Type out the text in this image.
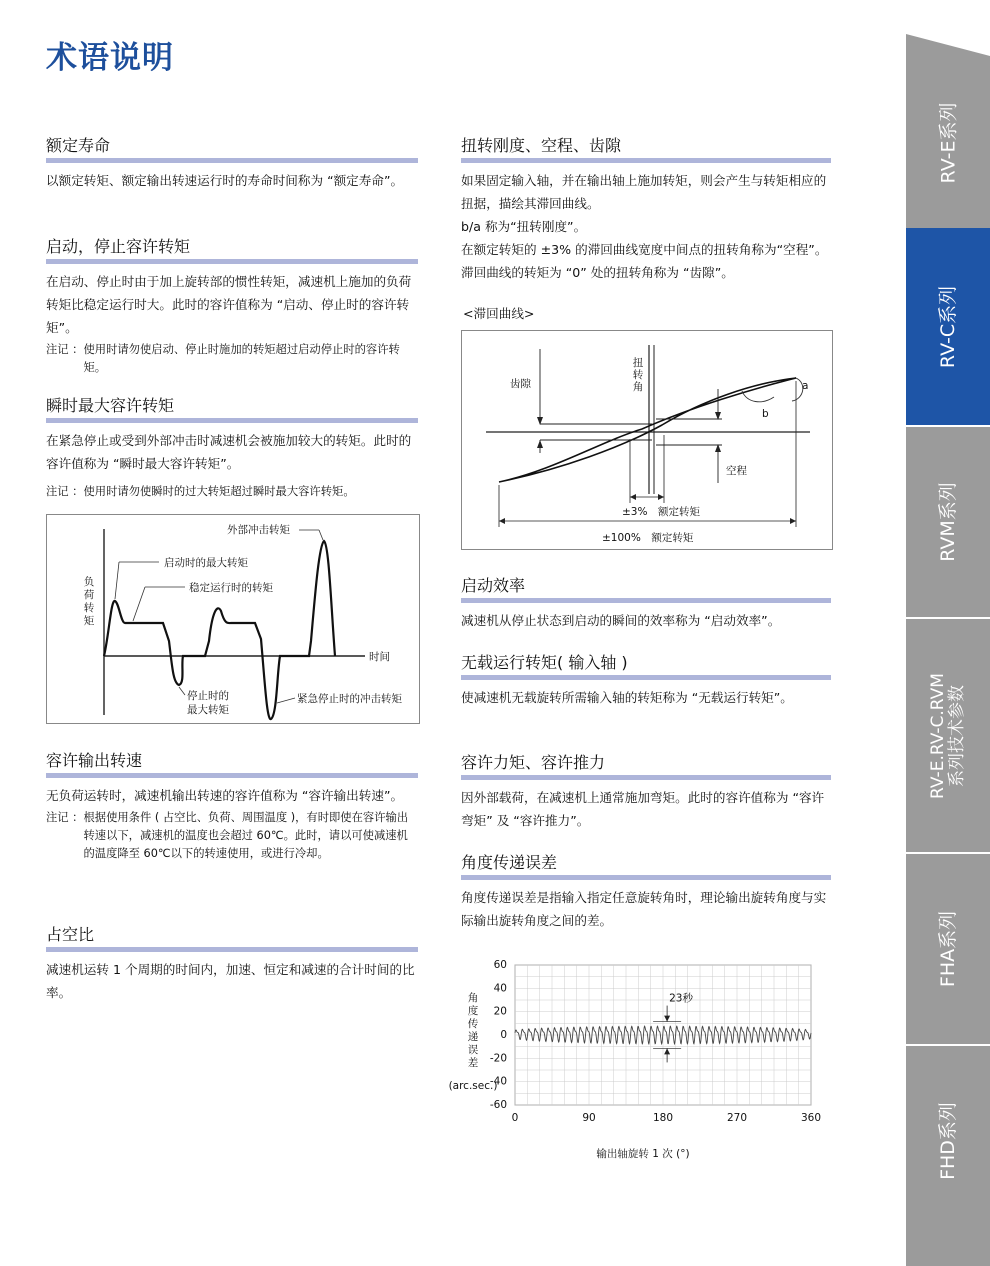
术语说明
额定寿命

以额定转矩、额定输出转速运行时的寿命时间称为 “额定寿命”。

启动，停止容许转矩

在启动、停止时由于加上旋转部的惯性转矩，减速机上施加的负荷转矩比稳定运行时大。此时的容许值称为 “启动、停止时的容许转矩”。

注记 ： 使用时请勿使启动、停止时施加的转矩超过启动停止时的容许转矩。
瞬时最大容许转矩

在紧急停止或受到外部冲击时减速机会被施加较大的转矩。此时的容许值称为 “瞬时最大容许转矩”。

注记 ： 使用时请勿使瞬时的过大转矩超过瞬时最大容许转矩。
负
荷
转
矩
时间
外部冲击转矩
启动时的最大转矩
稳定运行时的转矩
停止时的
最大转矩
紧急停止时的冲击转矩
容许输出转速

无负荷运转时，减速机输出转速的容许值称为 “容许输出转速”。

注记 ： 根据使用条件 ( 占空比、负荷、周围温度 )，有时即使在容许输出转速以下，减速机的温度也会超过 60℃。此时，请以可使减速机的温度降至 60℃以下的转速使用，或进行冷却。
占空比

减速机运转 1 个周期的时间内，加速、恒定和减速的合计时间的比率。

扭转刚度、空程、齿隙

如果固定输入轴，并在输出轴上施加转矩，则会产生与转矩相应的扭据，描绘其滞回曲线。

b/a 称为“扭转刚度”。

在额定转矩的 ±3% 的滞回曲线宽度中间点的扭转角称为“空程”。

滞回曲线的转矩为 “0” 处的扭转角称为 “齿隙”。

<滞回曲线>
a
b
扭
转
角
齿隙
空程
±3%　额定转矩
±100%　额定转矩
启动效率

减速机从停止状态到启动的瞬间的效率称为 “启动效率”。

无载运行转矩( 输入轴 )

使减速机无载旋转所需输入轴的转矩称为 “无载运行转矩”。

容许力矩、容许推力

因外部载荷，在减速机上通常施加弯矩。此时的容许值称为 “容许弯矩” 及 “容许推力”。

角度传递误差

角度传递误差是指输入指定任意旋转角时，理论输出旋转角度与实际输出旋转角度之间的差。

60
40
20
0
-20
-40
-60
0	90	180	270	360
23秒
角
度
传
递
误
差
(arc.sec.)
输出轴旋转 1 次 (°)
RV-E系列
RV-C系列
RVM系列
RV-E.RV-C.RVM 系列技术参数
FHA系列
FHD系列
